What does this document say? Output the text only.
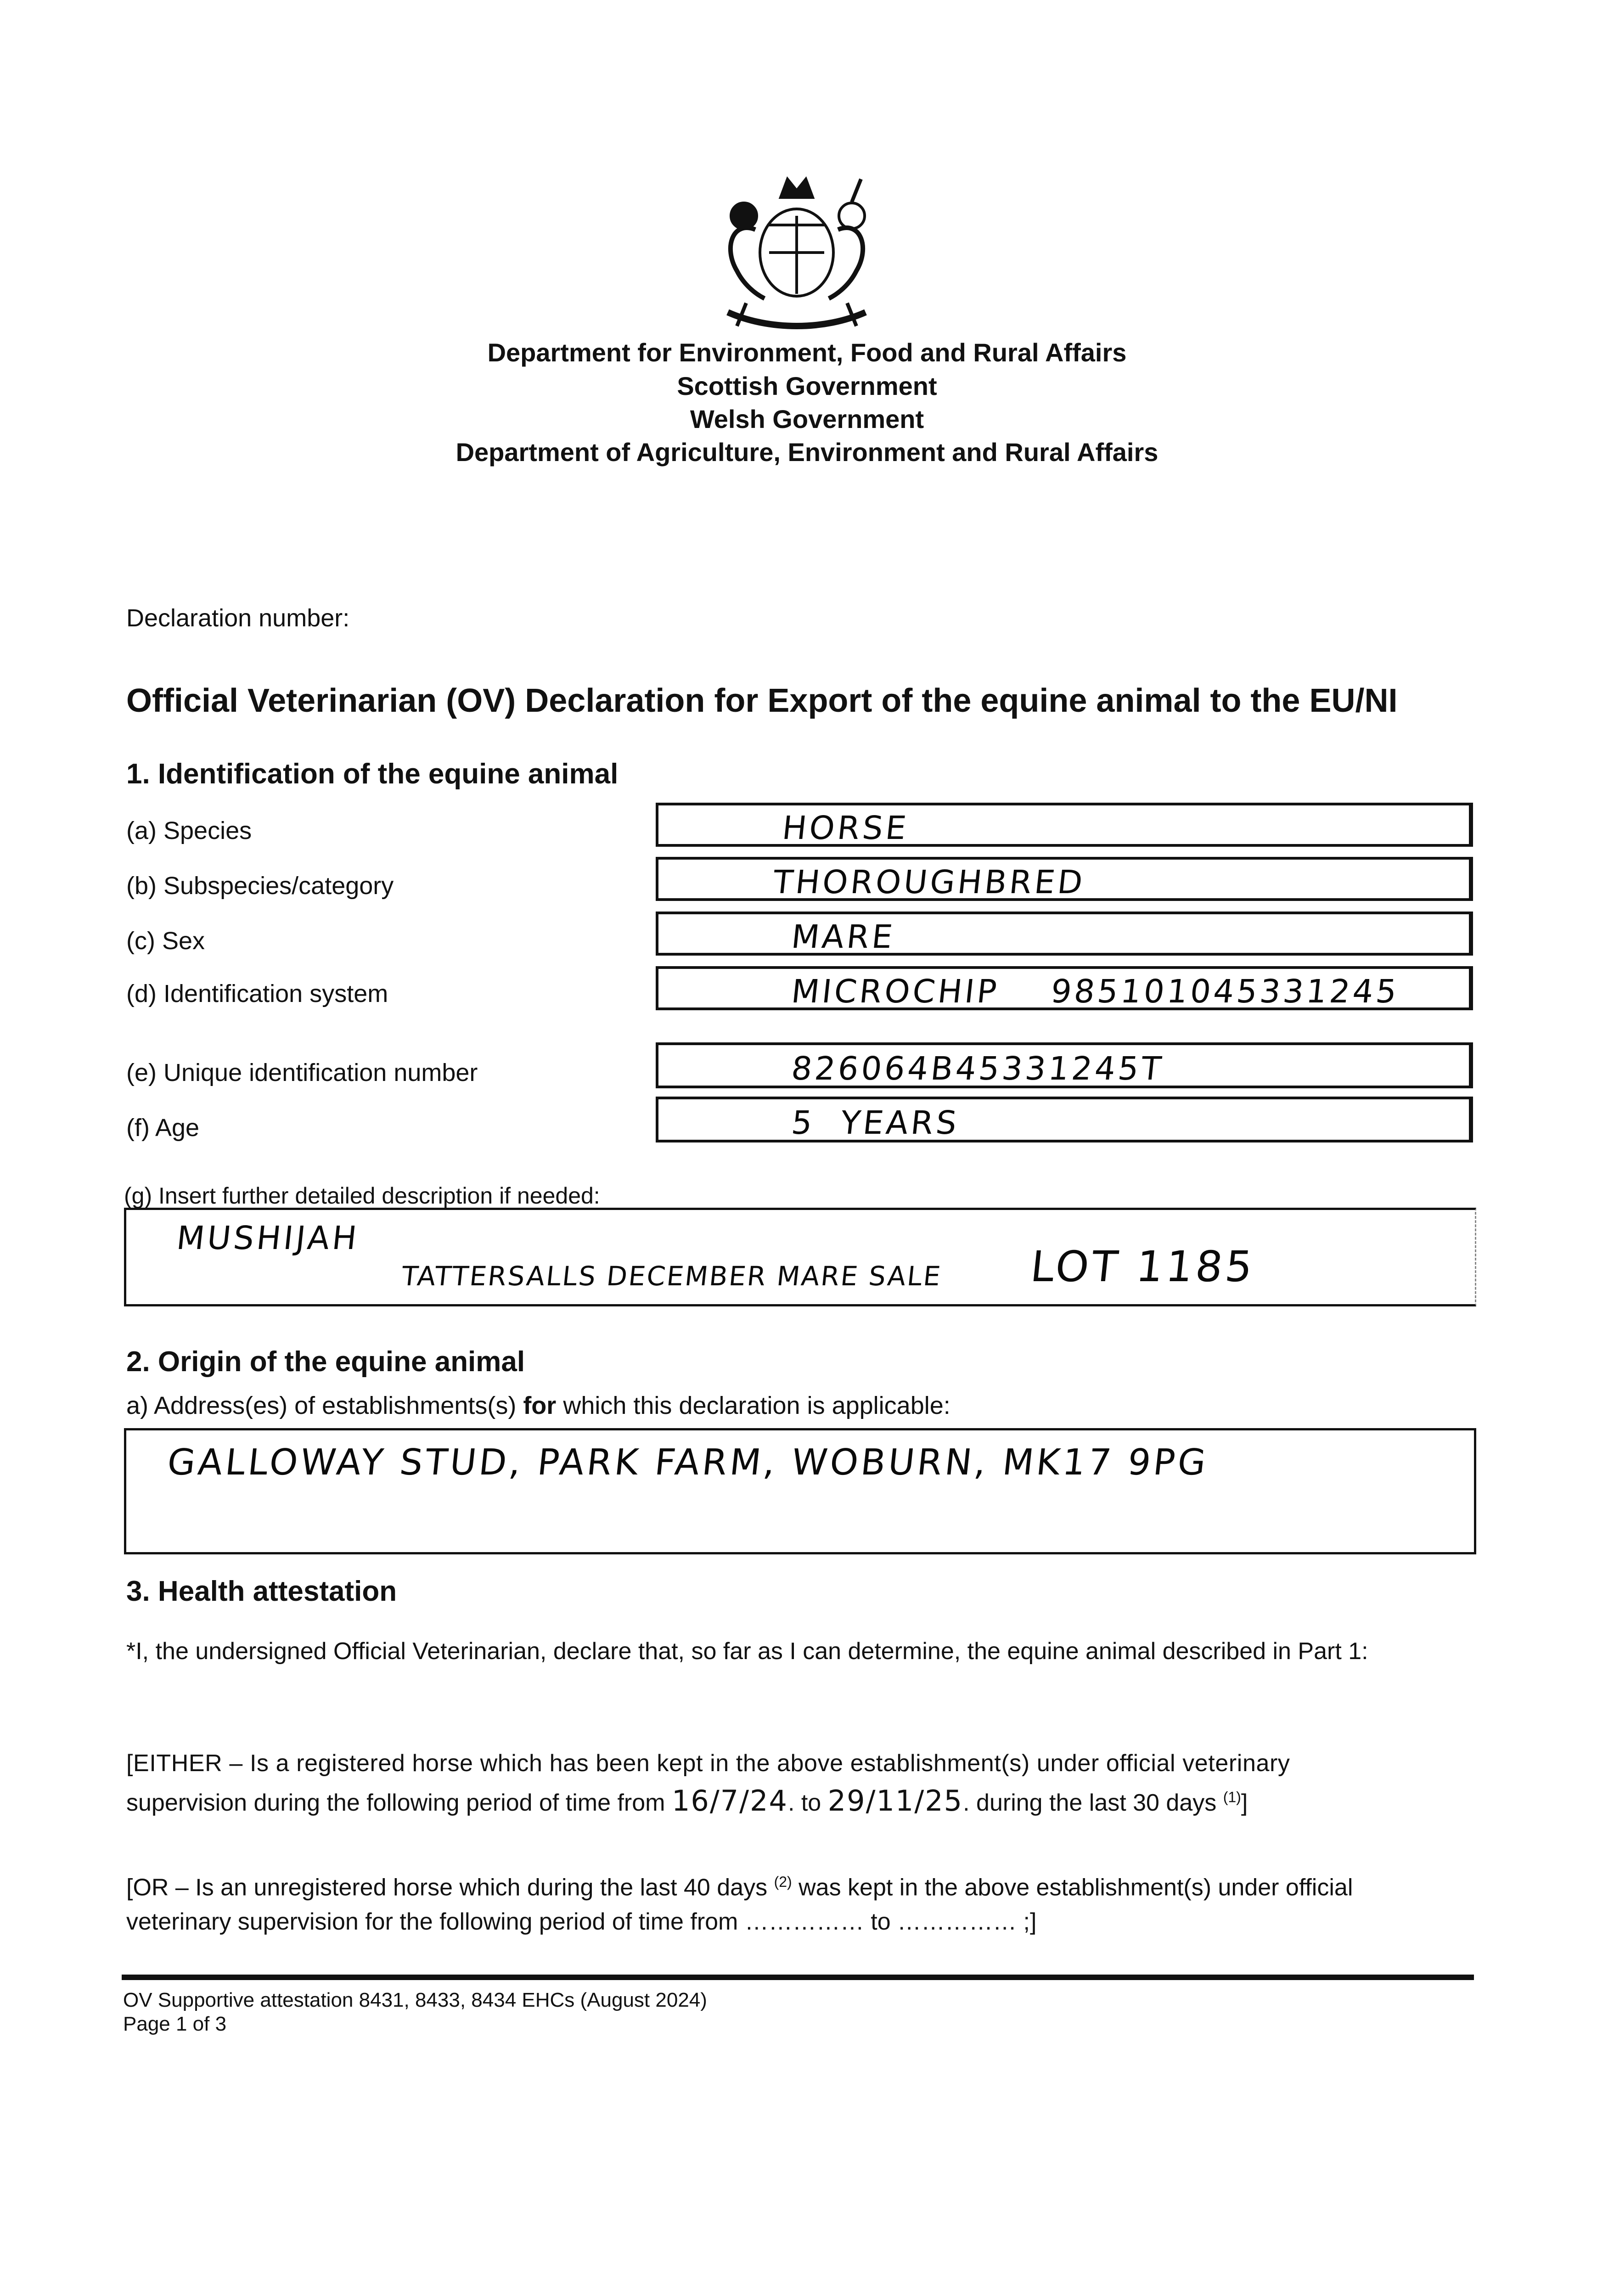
Department for Environment, Food and Rural Affairs
Scottish Government
Welsh Government
Department of Agriculture, Environment and Rural Affairs
Declaration number:
Official Veterinarian (OV) Declaration for Export of the equine animal to the EU/NI
1. Identification of the equine animal
(a) Species
(b) Subspecies/category
(c) Sex
(d) Identification system
(e) Unique identification number
(f) Age
HORSE
THOROUGHBRED
MARE
MICROCHIP    985101045331245
826064B45331245T
5  YEARS
(g) Insert further detailed description if needed:
MUSHIJAH
TATTERSALLS DECEMBER MARE SALE LOT 1185
2. Origin of the equine animal
a) Address(es) of establishments(s) for which this declaration is applicable:
GALLOWAY STUD, PARK FARM, WOBURN, MK17 9PG
3. Health attestation
*I, the undersigned Official Veterinarian, declare that, so far as I can determine, the equine animal described in Part 1:
[EITHER – Is a registered horse which has been kept in the above establishment(s) under official veterinary
supervision during the following period of time from 16/7/24. to 29/11/25. during the last 30 days $^{(1)}$]
[OR – Is an unregistered horse which during the last 40 days $^{(2)}$ was kept in the above establishment(s) under official
veterinary supervision for the following period of time from …………… to …………… ;]
OV Supportive attestation 8431, 8433, 8434 EHCs (August 2024)
Page 1 of 3
